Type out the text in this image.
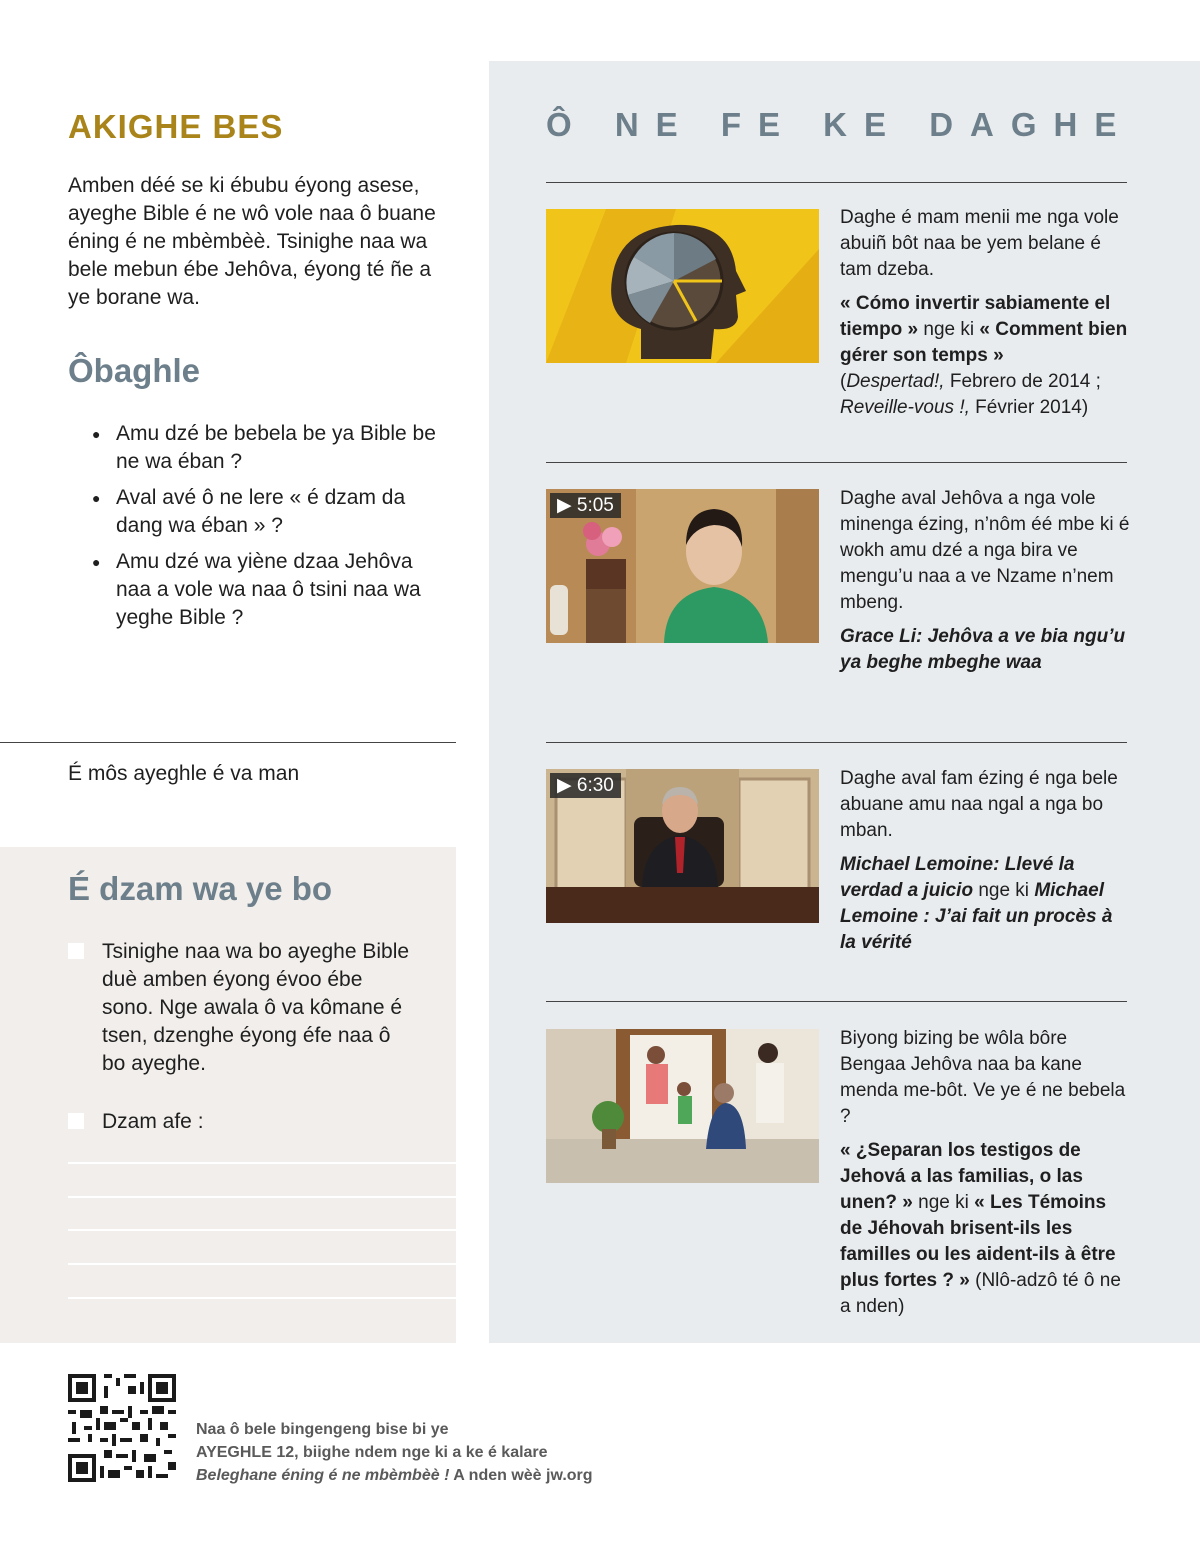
AKIGHE BES

Amben déé se ki ébubu éyong asese, ayeghe Bible é ne wô vole naa ô buane éning é ne mbèmbèè. Tsinighe naa wa bele mebun ébe Jehôva, éyong té ñe a ye borane wa.

Ôbaghle
● Amu dzé be bebela be ya Bible be ne wa éban ?
● Aval avé ô ne lere « é dzam da dang wa éban » ?
● Amu dzé wa yiène dzaa Jehôva naa a vole wa naa ô tsini naa wa yeghe Bible ?

É môs ayeghle é va man

É dzam wa ye bo
Tsinighe naa wa bo ayeghe Bible duè amben éyong évoo ébe sono. Nge awala ô va kômane é tsen, dzenghe éyong éfe naa ô bo ayeghe.
Dzam afe :
Ô NE FE KE DAGHE
Daghe é mam menii me nga vole abuiñ bôt naa be yem belane é tam dzeba.
« Cómo invertir sabiamente el tiempo » nge ki « Comment bien gérer son temps »
(Despertad!, Febrero de 2014 ; Reveille-vous !, Février 2014)
▶ 5:05	Daghe aval Jehôva a nga vole minenga ézing, n’nôm éé mbe ki é wokh amu dzé a nga bira ve mengu’u naa a ve Nzame n’nem mbeng.
Grace Li: Jehôva a ve bia ngu’u ya beghe mbeghe waa
▶ 6:30	Daghe aval fam ézing é nga bele abuane amu naa ngal a nga bo mban.
Michael Lemoine: Llevé la verdad a juicio nge ki Michael Lemoine : J’ai fait un procès à la vérité
Biyong bizing be wôla bôre Bengaa Jehôva naa ba kane menda me-bôt. Ve ye é ne bebela ?
« ¿Separan los testigos de Jehová a las familias, o las unen? » nge ki « Les Témoins de Jéhovah brisent-ils les familles ou les aident-ils à être plus fortes ? » (Nlô-adzô té ô ne a nden)
Naa ô bele bingengeng bise bi ye
AYEGHLE 12, biighe ndem nge ki a ke é kalare
Beleghane éning é ne mbèmbèè ! A nden wèè jw.org
